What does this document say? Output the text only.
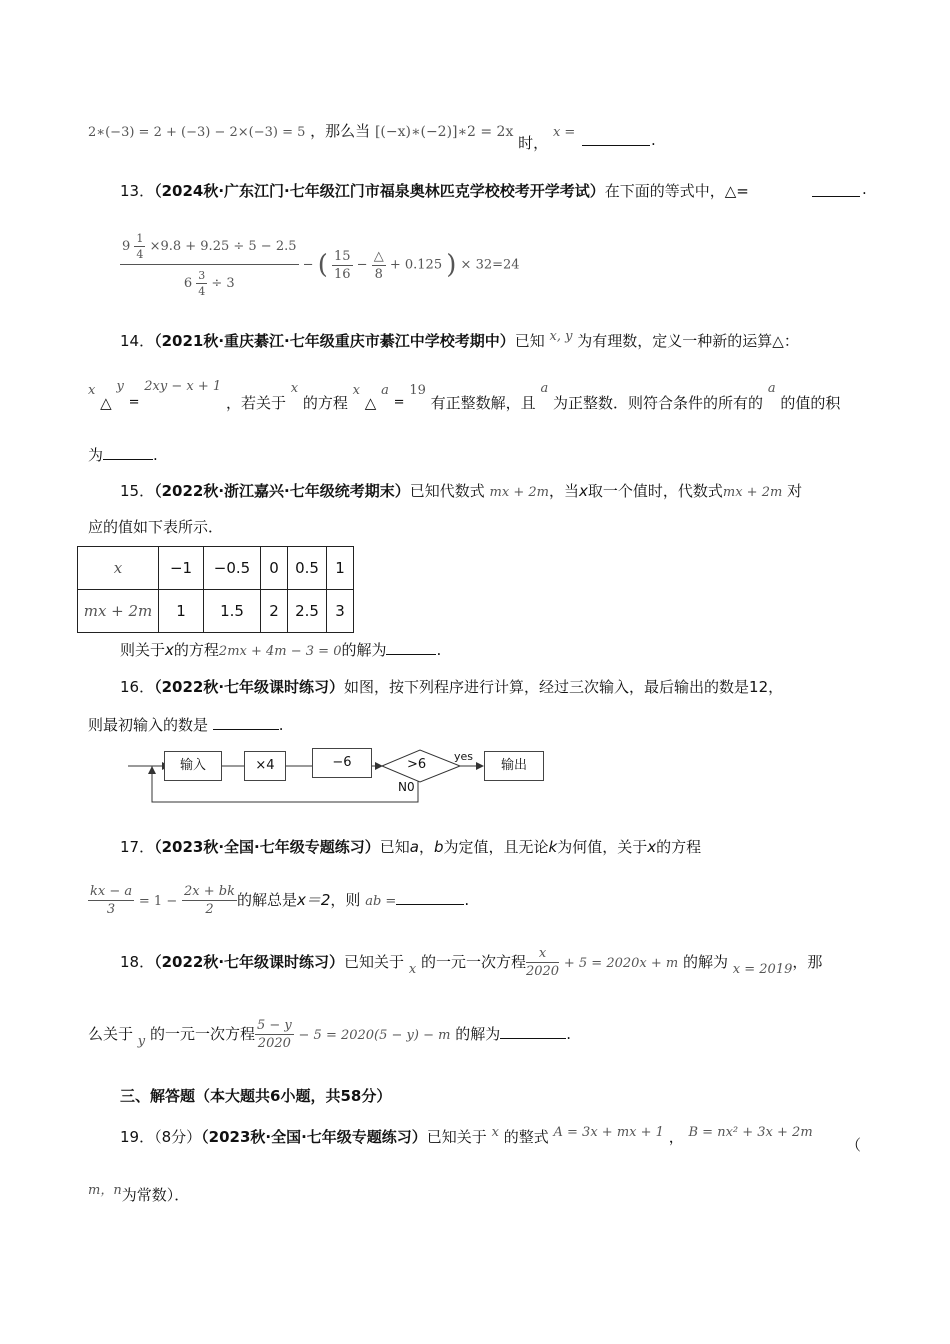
2∗(−3) = 2 + (−3) − 2×(−3) = 5 ，那么当 [(−x)∗(−2)]∗2 = 2x 时， x =	.
13．（2024秋·广东江门·七年级江门市福泉奥林匹克学校校考开学考试）在下面的等式中，△=	.
$\frac{9 \frac{1}{4} \times 9.8 + 9.25 \div 5 - 2.5}{6 \frac{3}{4} \div 3}$ − ( $\frac{15}{16} - \frac{\triangle}{8} + 0.125$ ) × 32=24
14．（2021秋·重庆綦江·七年级重庆市綦江中学校考期中）已知 x, y 为有理数，定义一种新的运算△：
x △ y = 2xy − x + 1 ，若关于 x 的方程 x △ a = 19 有正整数解，且 a 为正整数．则符合条件的所有的 a 的值的积
为	.
15．（2022秋·浙江嘉兴·七年级统考期末）已知代数式 mx + 2m，当x取一个值时，代数式mx + 2m 对
应的值如下表所示．
x	−1	−0.5	0	0.5	1
mx + 2m	1	1.5	2	2.5	3
则关于x的方程2mx + 4m − 3 = 0的解为	.
16．（2022秋·七年级课时练习）如图，按下列程序进行计算，经过三次输入，最后输出的数是12，
则最初输入的数是	.
输入	×4	−6	>6
yes
N0
输出
17．（2023秋·全国·七年级专题练习）已知a，b为定值，且无论k为何值，关于x的方程
$\frac{kx - a}{3} = 1 - \frac{2x + bk}{2}$ 的解总是x＝2，则 ab =	.
18．（2022秋·七年级课时练习）已知关于 x 的一元一次方程 $\frac{x}{2020} + 5 = 2020x + m$ 的解为 x = 2019，那
么关于 y 的一元一次方程 $\frac{5 - y}{2020} - 5 = 2020(5 - y) - m$ 的解为	.
三、解答题（本大题共6小题，共58分）
19．（8分）（2023秋·全国·七年级专题练习）已知关于 x 的整式 A = 3x + mx + 1 ， B = nx² + 3x + 2m
（
m，n为常数）．
